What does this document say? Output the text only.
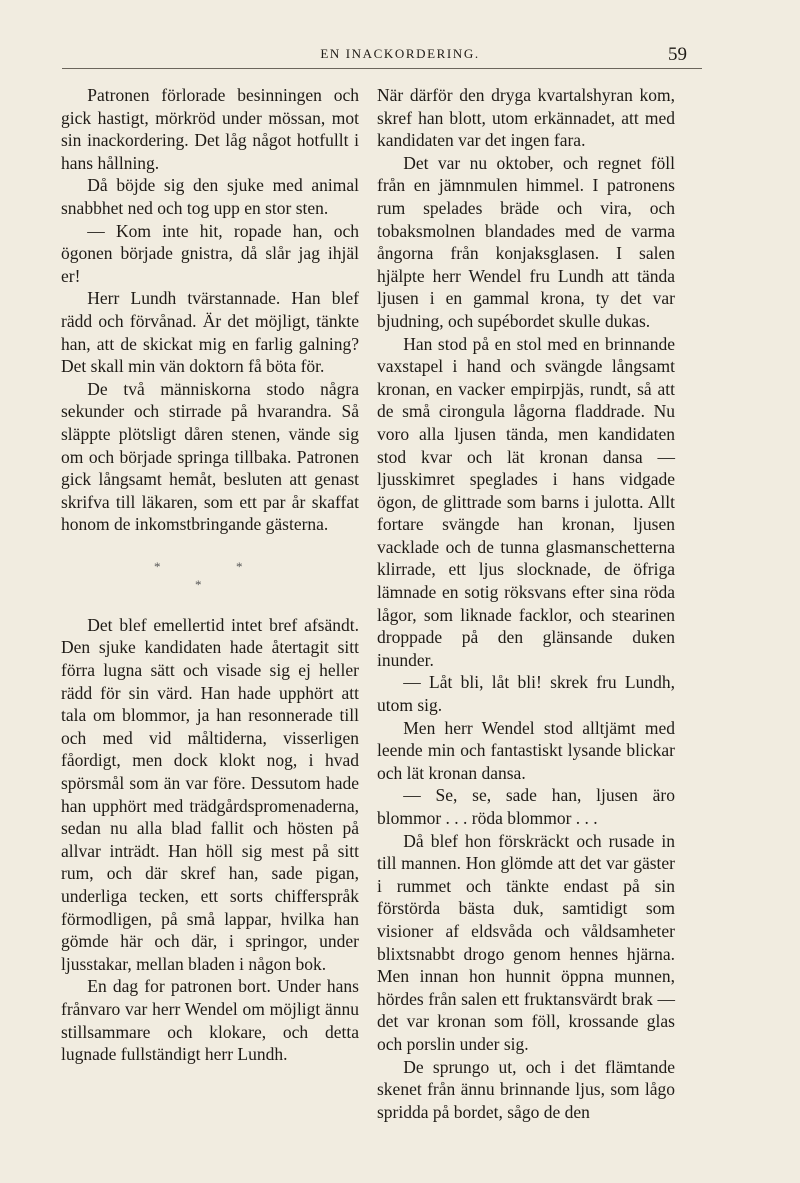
EN INACKORDERING.	59

Patronen förlorade besinningen och gick hastigt, mörkröd under mössan, mot sin inackordering. Det låg något hotfullt i hans hållning.

Då böjde sig den sjuke med animal snabbhet ned och tog upp en stor sten.

— Kom inte hit, ropade han, och ögonen började gnistra, då slår jag ihjäl er!

Herr Lundh tvärstannade. Han blef rädd och förvånad. Är det möjligt, tänkte han, att de skickat mig en farlig galning? Det skall min vän doktorn få böta för.

De två människorna stodo några sekunder och stirrade på hvarandra. Så släppte plötsligt dåren stenen, vände sig om och började springa tillbaka. Patronen gick långsamt hemåt, besluten att genast skrifva till läkaren, som ett par år skaffat honom de inkomstbringande gästerna.

*	*
*

Det blef emellertid intet bref afsändt. Den sjuke kandidaten hade återtagit sitt förra lugna sätt och visade sig ej heller rädd för sin värd. Han hade upphört att tala om blommor, ja han resonnerade till och med vid måltiderna, visserligen fåordigt, men dock klokt nog, i hvad spörsmål som än var före. Dessutom hade han upphört med trädgårdspromenaderna, sedan nu alla blad fallit och hösten på allvar inträdt. Han höll sig mest på sitt rum, och där skref han, sade pigan, underliga tecken, ett sorts chifferspråk förmodligen, på små lappar, hvilka han gömde här och där, i springor, under ljusstakar, mellan bladen i någon bok.

En dag for patronen bort. Under hans frånvaro var herr Wendel om möjligt ännu stillsammare och klokare, och detta lugnade fullständigt herr Lundh.

När därför den dryga kvartalshyran kom, skref han blott, utom erkännadet, att med kandidaten var det ingen fara.

Det var nu oktober, och regnet föll från en jämnmulen himmel. I patronens rum spelades bräde och vira, och tobaksmolnen blandades med de varma ångorna från konjaksglasen. I salen hjälpte herr Wendel fru Lundh att tända ljusen i en gammal krona, ty det var bjudning, och supébordet skulle dukas.

Han stod på en stol med en brinnande vaxstapel i hand och svängde långsamt kronan, en vacker empirpjäs, rundt, så att de små cirongula lågorna fladdrade. Nu voro alla ljusen tända, men kandidaten stod kvar och lät kronan dansa — ljusskimret speglades i hans vidgade ögon, de glittrade som barns i julotta. Allt fortare svängde han kronan, ljusen vacklade och de tunna glasmanschetterna klirrade, ett ljus slocknade, de öfriga lämnade en sotig röksvans efter sina röda lågor, som liknade facklor, och stearinen droppade på den glänsande duken inunder.

— Låt bli, låt bli! skrek fru Lundh, utom sig.

Men herr Wendel stod alltjämt med leende min och fantastiskt lysande blickar och lät kronan dansa.

— Se, se, sade han, ljusen äro blommor . . . röda blommor . . .

Då blef hon förskräckt och rusade in till mannen. Hon glömde att det var gäster i rummet och tänkte endast på sin förstörda bästa duk, samtidigt som visioner af eldsvåda och våldsamheter blixtsnabbt drogo genom hennes hjärna. Men innan hon hunnit öppna munnen, hördes från salen ett fruktansvärdt brak — det var kronan som föll, krossande glas och porslin under sig.

De sprungo ut, och i det flämtande skenet från ännu brinnande ljus, som lågo spridda på bordet, sågo de den
